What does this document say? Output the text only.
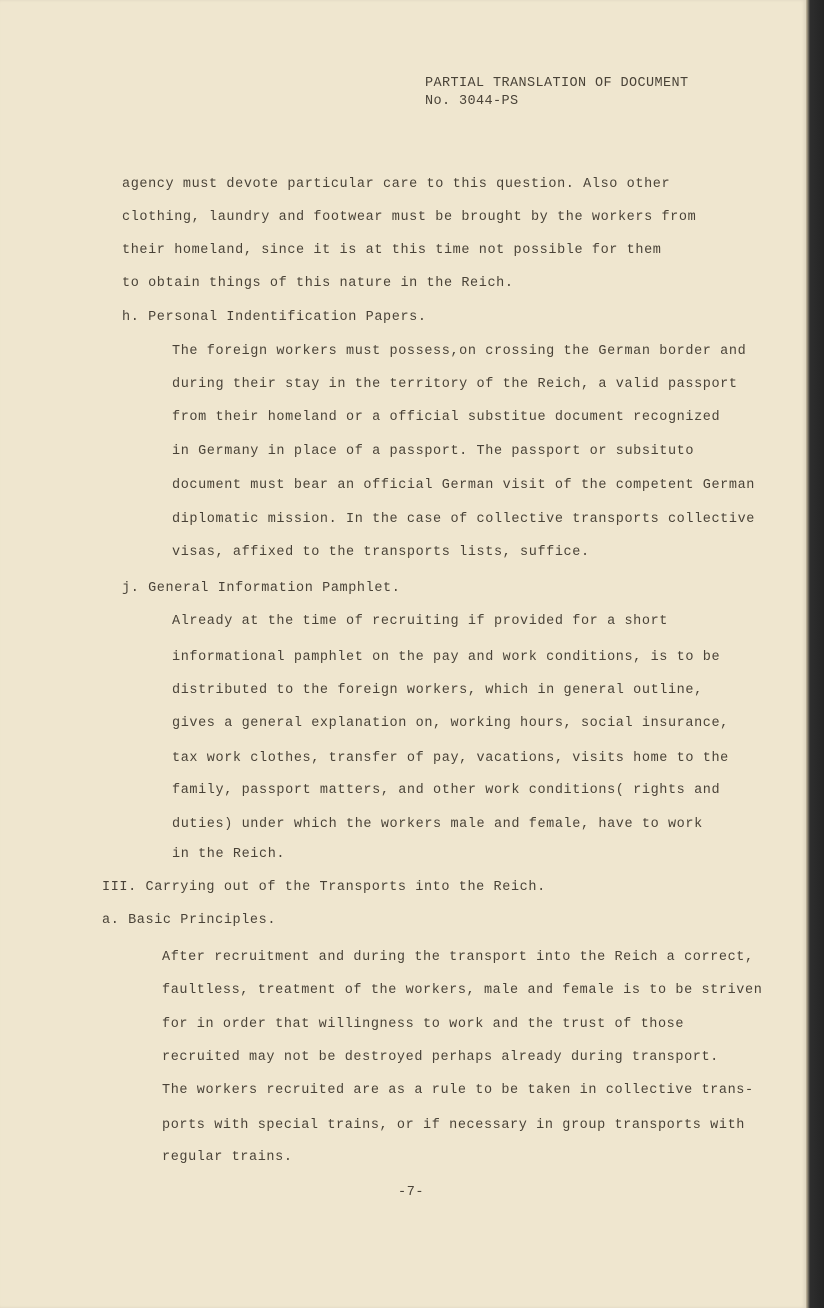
PARTIAL TRANSLATION OF DOCUMENT
No. 3044-PS
agency must devote particular care to this question. Also other
clothing, laundry and footwear must be brought by the workers from
their homeland, since it is at this time not possible for them
to obtain things of this nature in the Reich.
h. Personal Indentification Papers.
The foreign workers must possess,on crossing the German border and
during their stay in the territory of the Reich, a valid passport
from their homeland or a official substitue document recognized
in Germany in place of a passport. The passport or subsituto
document must bear an official German visit of the competent German
diplomatic mission. In the case of collective transports collective
visas, affixed to the transports lists, suffice.
j. General Information Pamphlet.
Already at the time of recruiting if provided for a short
informational pamphlet on the pay and work conditions, is to be
distributed to the foreign workers, which in general outline,
gives a general explanation on, working hours, social insurance,
tax work clothes, transfer of pay, vacations, visits home to the
family, passport matters, and other work conditions( rights and
duties) under which the workers male and female, have to work
in the Reich.
III. Carrying out of the Transports into the Reich.
a. Basic Principles.
After recruitment and during the transport into the Reich a correct,
faultless, treatment of the workers, male and female is to be striven
for in order that willingness to work and the trust of those
recruited may not be destroyed perhaps already during transport.
The workers recruited are as a rule to be taken in collective trans-
ports with special trains, or if necessary in group transports with
regular trains.
-7-
